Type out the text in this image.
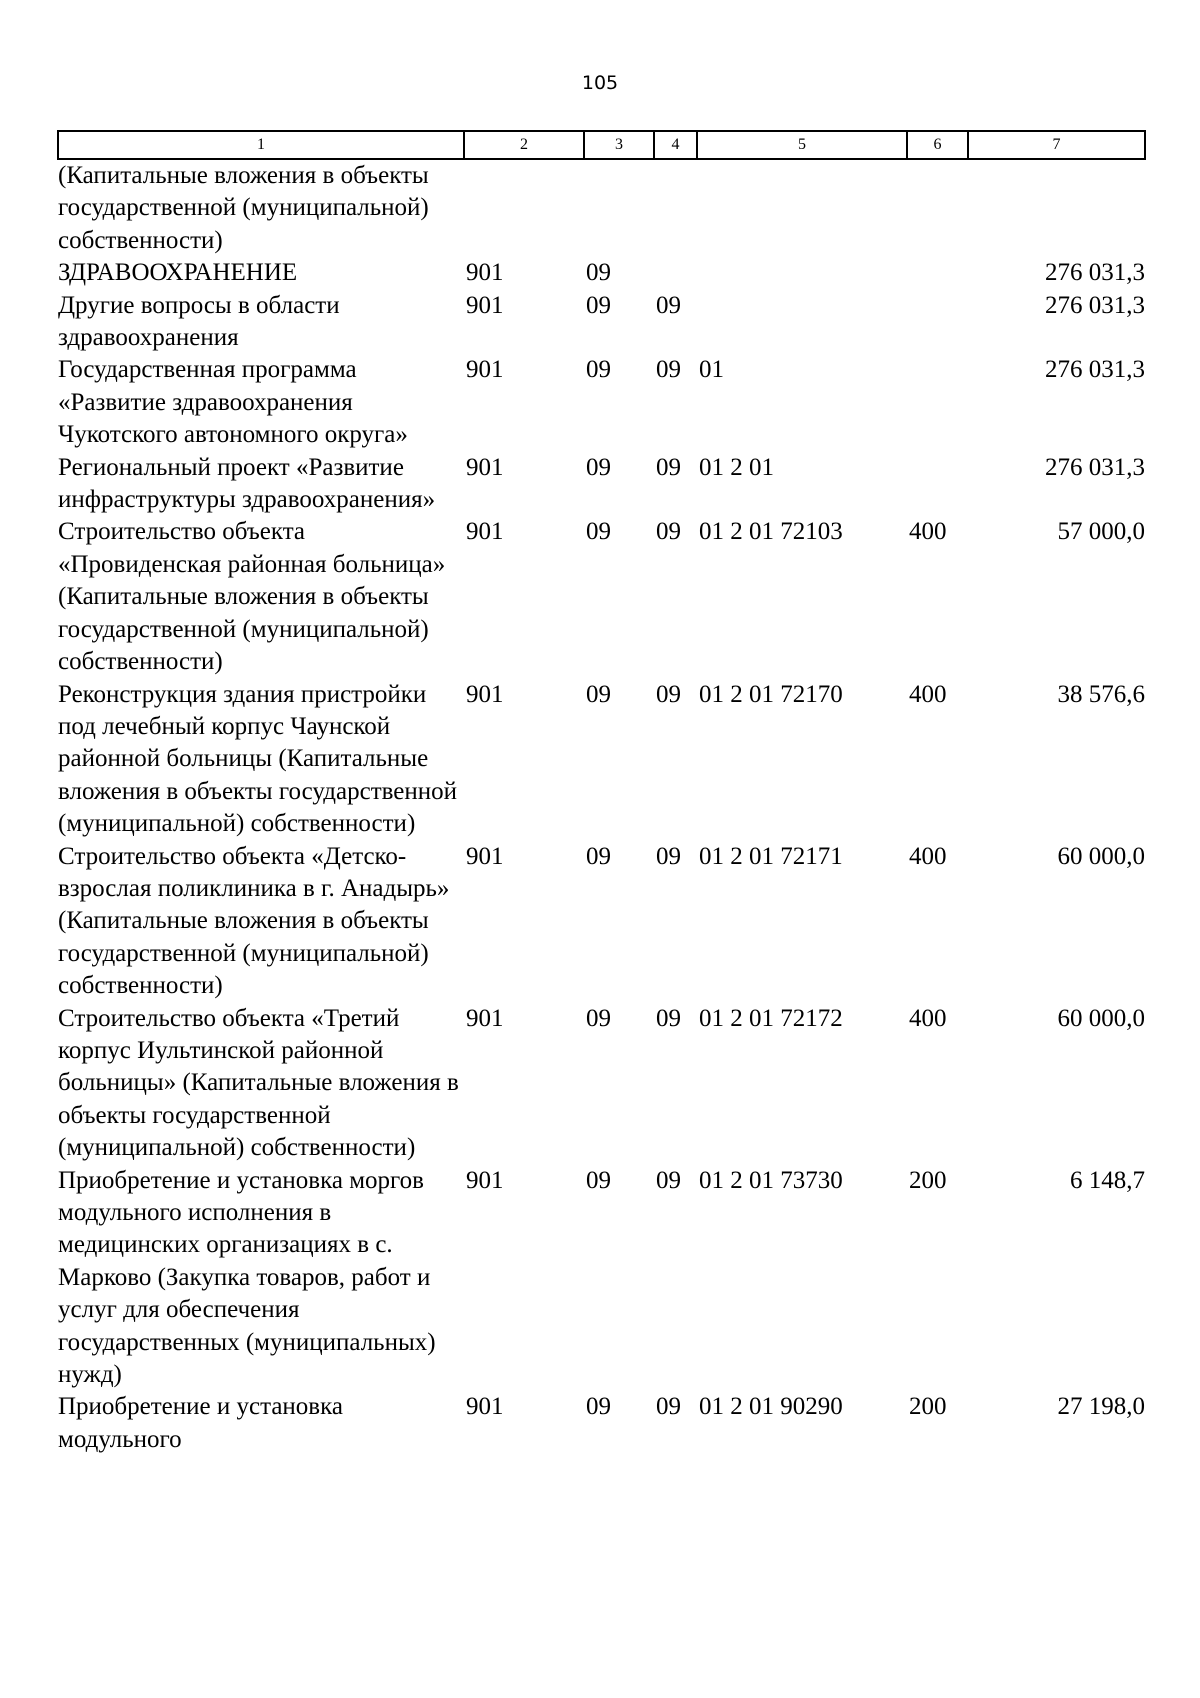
105
1	2	3	4	5	6	7
(Капитальные вложения в объекты государственной (муниципальной) собственности)						
ЗДРАВООХРАНЕНИЕ	901	09				276 031,3
Другие вопросы в области здравоохранения	901	09	09			276 031,3
Государственная программа «Развитие здравоохранения Чукотского автономного округа»	901	09	09	01		276 031,3
Региональный проект «Развитие инфраструктуры здравоохранения»	901	09	09	01 2 01		276 031,3
Строительство объекта «Провиденская районная больница» (Капитальные вложения в объекты государственной (муниципальной) собственности)	901	09	09	01 2 01 72103	400	57 000,0
Реконструкция здания пристройки под лечебный корпус Чаунской районной больницы (Капитальные вложения в объекты государственной (муниципальной) собственности)	901	09	09	01 2 01 72170	400	38 576,6
Строительство объекта «Детско-взрослая поликлиника в г. Анадырь» (Капитальные вложения в объекты государственной (муниципальной) собственности)	901	09	09	01 2 01 72171	400	60 000,0
Строительство объекта «Третий корпус Иультинской районной больницы» (Капитальные вложения в объекты государственной (муниципальной) собственности)	901	09	09	01 2 01 72172	400	60 000,0
Приобретение и установка моргов модульного исполнения в медицинских организациях в с. Марково (Закупка товаров, работ и услуг для обеспечения государственных (муниципальных) нужд)	901	09	09	01 2 01 73730	200	6 148,7
Приобретение и установка модульного	901	09	09	01 2 01 90290	200	27 198,0
